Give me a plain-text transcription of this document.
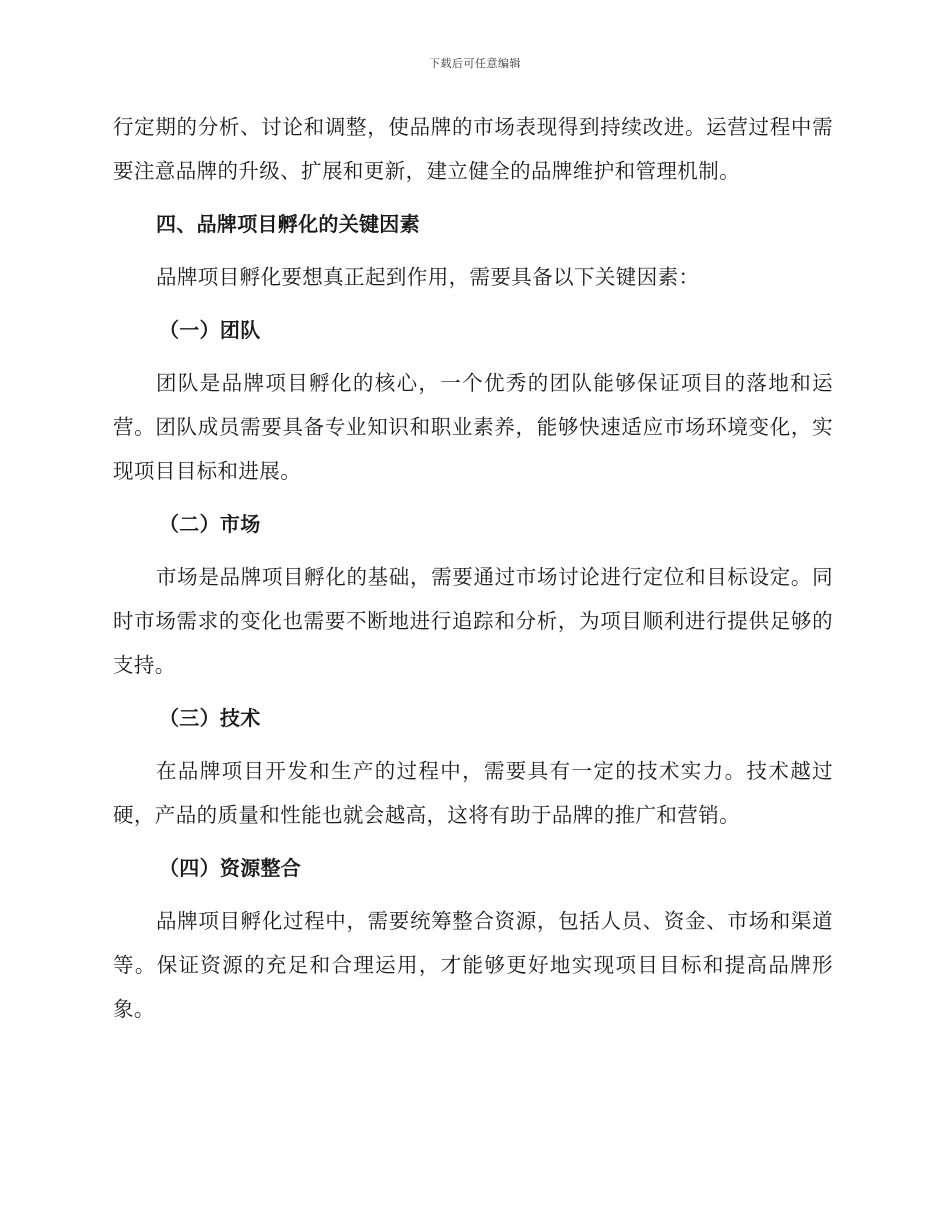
下载后可任意编辑

行定期的分析、讨论和调整，使品牌的市场表现得到持续改进。运营过程中需要注意品牌的升级、扩展和更新，建立健全的品牌维护和管理机制。

四、品牌项目孵化的关键因素

品牌项目孵化要想真正起到作用，需要具备以下关键因素：

（一）团队

团队是品牌项目孵化的核心，一个优秀的团队能够保证项目的落地和运营。团队成员需要具备专业知识和职业素养，能够快速适应市场环境变化，实现项目目标和进展。

（二）市场

市场是品牌项目孵化的基础，需要通过市场讨论进行定位和目标设定。同时市场需求的变化也需要不断地进行追踪和分析，为项目顺利进行提供足够的支持。

（三）技术

在品牌项目开发和生产的过程中，需要具有一定的技术实力。技术越过硬，产品的质量和性能也就会越高，这将有助于品牌的推广和营销。

（四）资源整合

品牌项目孵化过程中，需要统筹整合资源，包括人员、资金、市场和渠道等。保证资源的充足和合理运用，才能够更好地实现项目目标和提高品牌形象。
